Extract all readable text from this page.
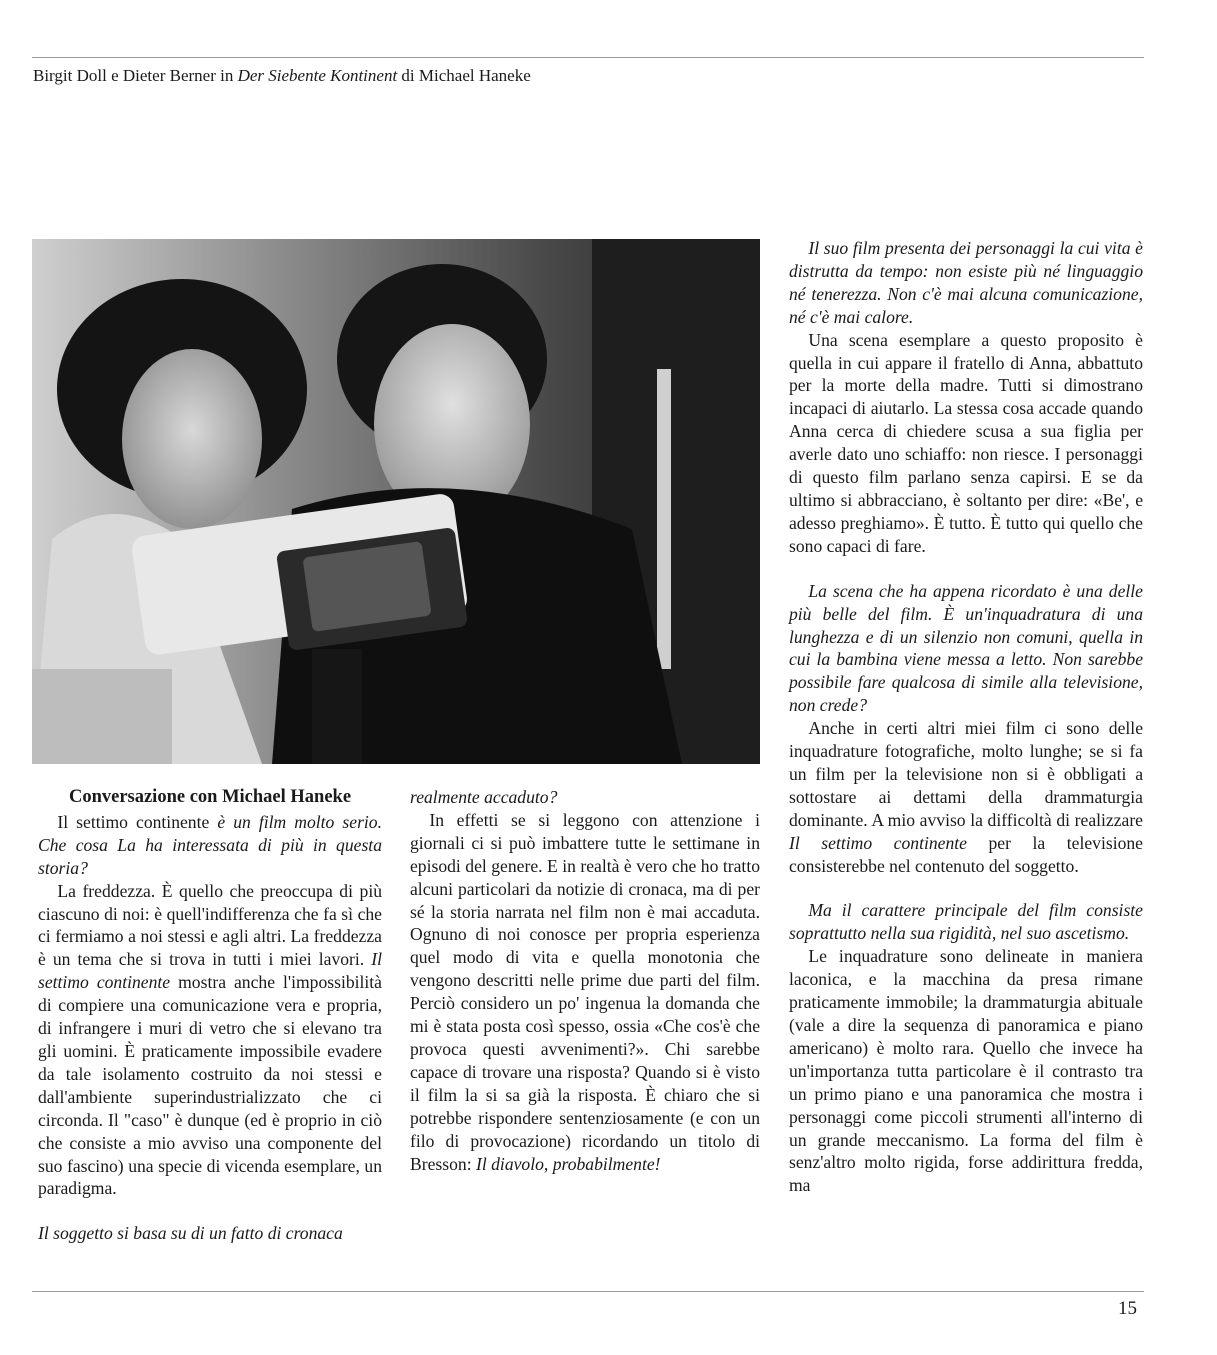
Birgit Doll e Dieter Berner in Der Siebente Kontinent di Michael Haneke

Conversazione con Michael Haneke

Il settimo continente è un film molto serio. Che cosa La ha interessata di più in questa storia?

La freddezza. È quello che preoccupa di più ciascuno di noi: è quell'indifferenza che fa sì che ci fermiamo a noi stessi e agli altri. La freddezza è un tema che si trova in tutti i miei lavori. Il settimo continente mostra anche l'impossibilità di compiere una comunicazione vera e propria, di infrangere i muri di vetro che si elevano tra gli uomini. È praticamente impossibile evadere da tale isolamento costruito da noi stessi e dall'ambiente superindustrializzato che ci circonda. Il "caso" è dunque (ed è proprio in ciò che consiste a mio avviso una componente del suo fascino) una specie di vicenda esemplare, un paradigma.

Il soggetto si basa su di un fatto di cronaca

realmente accaduto?

In effetti se si leggono con attenzione i giornali ci si può imbattere tutte le settimane in episodi del genere. E in realtà è vero che ho tratto alcuni particolari da notizie di cronaca, ma di per sé la storia narrata nel film non è mai accaduta. Ognuno di noi conosce per propria esperienza quel modo di vita e quella monotonia che vengono descritti nelle prime due parti del film. Perciò considero un po' ingenua la domanda che mi è stata posta così spesso, ossia «Che cos'è che provoca questi avvenimenti?». Chi sarebbe capace di trovare una risposta? Quando si è visto il film la si sa già la risposta. È chiaro che si potrebbe rispondere sentenziosamente (e con un filo di provocazione) ricordando un titolo di Bresson: Il diavolo, probabilmente!

Il suo film presenta dei personaggi la cui vita è distrutta da tempo: non esiste più né linguaggio né tenerezza. Non c'è mai alcuna comunicazione, né c'è mai calore.

Una scena esemplare a questo proposito è quella in cui appare il fratello di Anna, abbattuto per la morte della madre. Tutti si dimostrano incapaci di aiutarlo. La stessa cosa accade quando Anna cerca di chiedere scusa a sua figlia per averle dato uno schiaffo: non riesce. I personaggi di questo film parlano senza capirsi. E se da ultimo si abbracciano, è soltanto per dire: «Be', e adesso preghiamo». È tutto. È tutto qui quello che sono capaci di fare.

La scena che ha appena ricordato è una delle più belle del film. È un'inquadratura di una lunghezza e di un silenzio non comuni, quella in cui la bambina viene messa a letto. Non sarebbe possibile fare qualcosa di simile alla televisione, non crede?

Anche in certi altri miei film ci sono delle inquadrature fotografiche, molto lunghe; se si fa un film per la televisione non si è obbligati a sottostare ai dettami della drammaturgia dominante. A mio avviso la difficoltà di realizzare Il settimo continente per la televisione consisterebbe nel contenuto del soggetto.

Ma il carattere principale del film consiste soprattutto nella sua rigidità, nel suo ascetismo.

Le inquadrature sono delineate in maniera laconica, e la macchina da presa rimane praticamente immobile; la drammaturgia abituale (vale a dire la sequenza di panoramica e piano americano) è molto rara. Quello che invece ha un'importanza tutta particolare è il contrasto tra un primo piano e una panoramica che mostra i personaggi come piccoli strumenti all'interno di un grande meccanismo. La forma del film è senz'altro molto rigida, forse addirittura fredda, ma

15
